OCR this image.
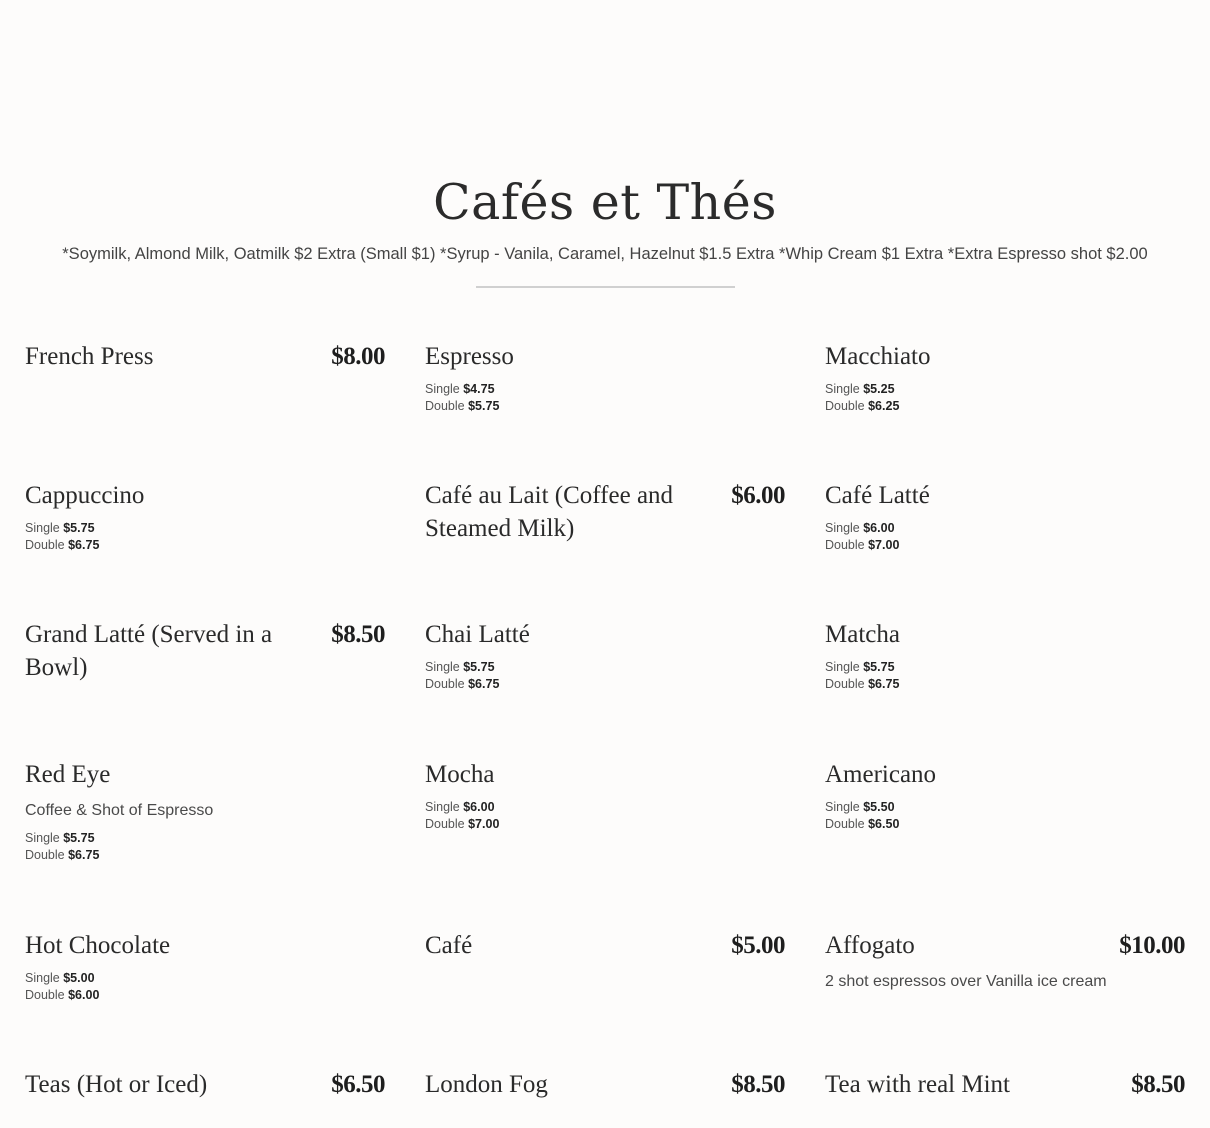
Cafés et Thés
*Soymilk, Almond Milk, Oatmilk $2 Extra (Small $1) *Syrup - Vanila, Caramel, Hazelnut $1.5 Extra *Whip Cream $1 Extra *Extra Espresso shot $2.00
French Press	$8.00 Espresso
Single $4.75
Double $5.75
Macchiato
Single $5.25
Double $6.25
Cappuccino
Single $5.75
Double $6.75
Café au Lait (Coffee and Steamed Milk)
$6.00 Café Latté
Single $6.00
Double $7.00
Grand Latté (Served in a Bowl)
$8.50 Chai Latté
Single $5.75
Double $6.75
Matcha
Single $5.75
Double $6.75
Red Eye
Coffee & Shot of Espresso
Single $5.75
Double $6.75
Mocha
Single $6.00
Double $7.00
Americano
Single $5.50
Double $6.50
Hot Chocolate
Single $5.00
Double $6.00
Café	$5.00 Affogato	$10.00
2 shot espressos over Vanilla ice cream
Teas (Hot or Iced)	$6.50 London Fog	$8.50 Tea with real Mint	$8.50
